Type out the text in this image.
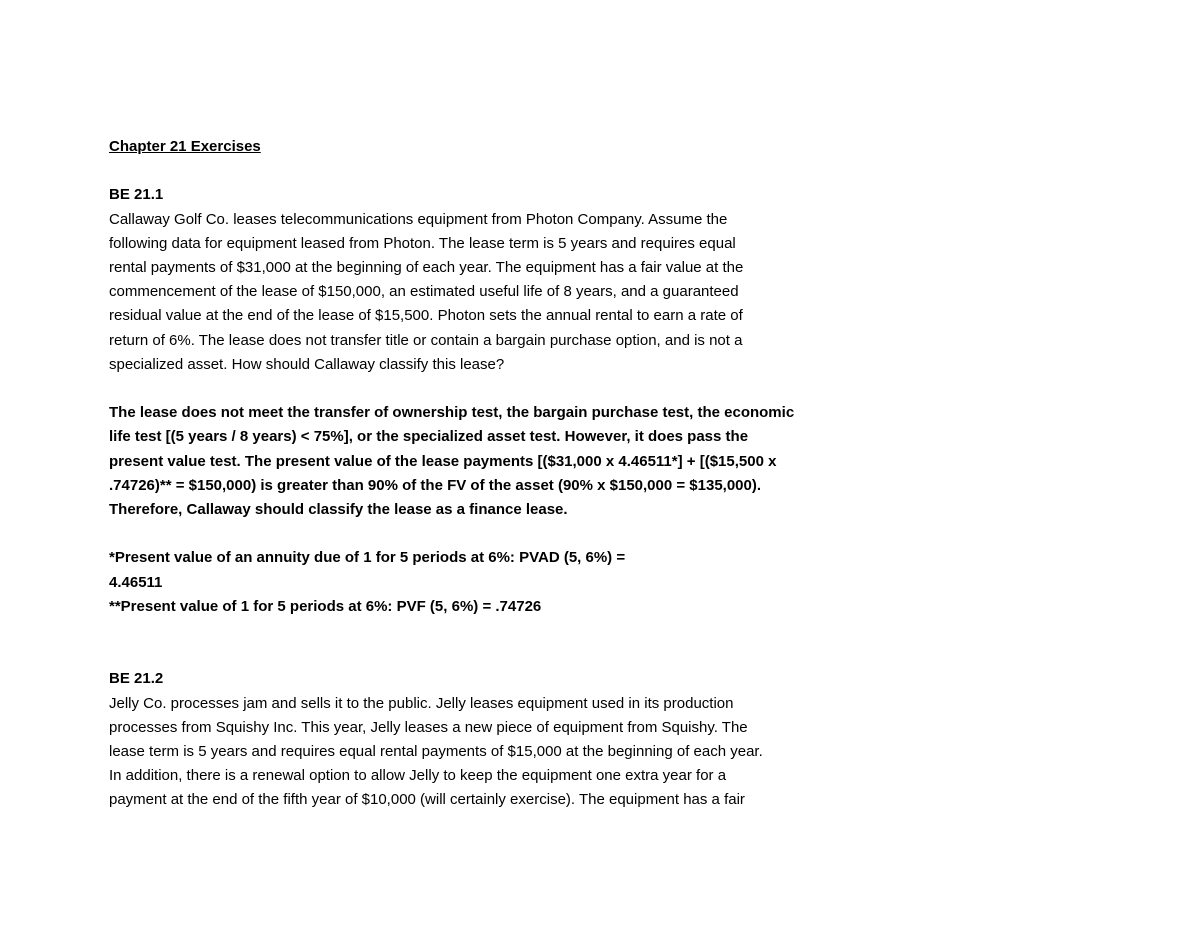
Chapter 21 Exercises
BE 21.1
Callaway Golf Co. leases telecommunications equipment from Photon Company. Assume the
following data for equipment leased from Photon. The lease term is 5 years and requires equal
rental payments of $31,000 at the beginning of each year. The equipment has a fair value at the
commencement of the lease of $150,000, an estimated useful life of 8 years, and a guaranteed
residual value at the end of the lease of $15,500. Photon sets the annual rental to earn a rate of
return of 6%. The lease does not transfer title or contain a bargain purchase option, and is not a
specialized asset. How should Callaway classify this lease?
The lease does not meet the transfer of ownership test, the bargain purchase test, the economic
life test [(5 years / 8 years) < 75%], or the specialized asset test. However, it does pass the
present value test. The present value of the lease payments [($31,000 x 4.46511*] + [($15,500 x
.74726)** = $150,000) is greater than 90% of the FV of the asset (90% x $150,000 = $135,000).
Therefore, Callaway should classify the lease as a finance lease.
*Present value of an annuity due of 1 for 5 periods at 6%: PVAD (5, 6%) =
4.46511
**Present value of 1 for 5 periods at 6%: PVF (5, 6%) = .74726
BE 21.2
Jelly Co. processes jam and sells it to the public. Jelly leases equipment used in its production
processes from Squishy Inc. This year, Jelly leases a new piece of equipment from Squishy. The
lease term is 5 years and requires equal rental payments of $15,000 at the beginning of each year.
In addition, there is a renewal option to allow Jelly to keep the equipment one extra year for a
payment at the end of the fifth year of $10,000 (will certainly exercise). The equipment has a fair
